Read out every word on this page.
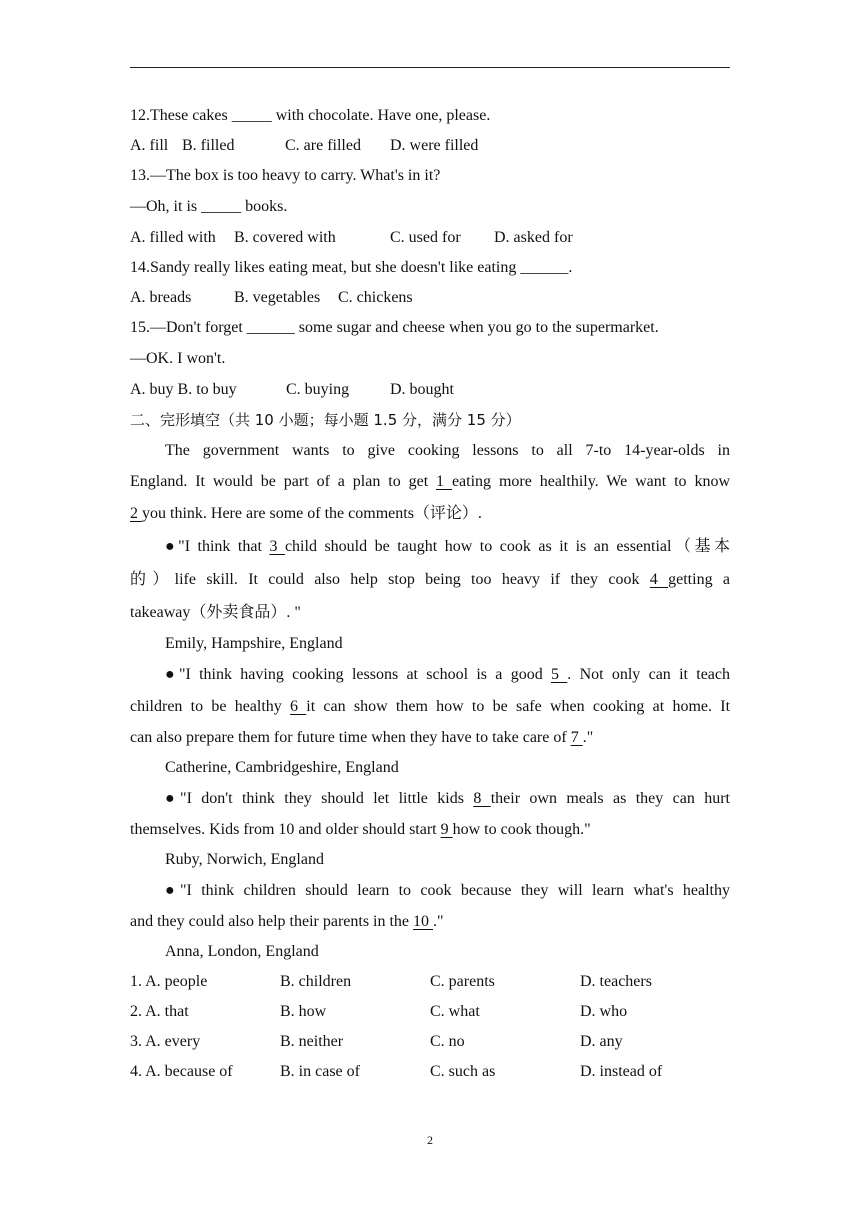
12.These cakes _____ with chocolate. Have one, please.
A. fill B. filled	C. are filled D. were filled
13.—The box is too heavy to carry. What's in it?
—Oh, it is _____ books.
A. filled with B. covered with	C. used for D. asked for
14.Sandy really likes eating meat, but she doesn't like eating ______.
A. breads	B. vegetables C. chickens
15.—Don't forget ______ some sugar and cheese when you go to the supermarket.
—OK. I won't.
A. buy B. to buy	C. buying	D. bought
二、完形填空（共 10 小题；每小题 1.5 分，满分 15 分）
The government wants to give cooking lessons to all 7-to 14-year-olds in
England. It would be part of a plan to get 1 eating more healthily. We want to know
2 you think. Here are some of the comments（评论）.
●"I think that 3 child should be taught how to cook as it is an essential（基本
的）life skill. It could also help stop being too heavy if they cook 4 getting a
takeaway（外卖食品）. "
Emily, Hampshire, England
●"I think having cooking lessons at school is a good 5 . Not only can it teach
children to be healthy 6 it can show them how to be safe when cooking at home. It
can also prepare them for future time when they have to take care of 7 ."
Catherine, Cambridgeshire, England
●"I don't think they should let little kids 8 their own meals as they can hurt
themselves. Kids from 10 and older should start 9 how to cook though."
Ruby, Norwich, England
●"I think children should learn to cook because they will learn what's healthy
and they could also help their parents in the 10 ."
Anna, London, England
1. A. people	B. children	C. parents	D. teachers
2. A. that	B. how	C. what	D. who
3. A. every	B. neither	C. no	D. any
4. A. because of	B. in case of	C. such as	D. instead of
2
